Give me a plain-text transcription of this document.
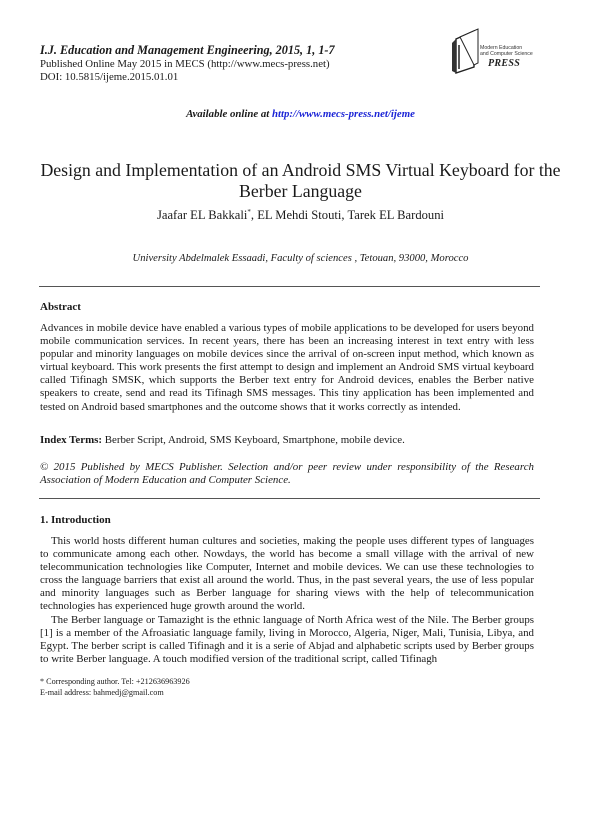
I.J. Education and Management Engineering, 2015, 1, 1-7
Published Online May 2015 in MECS (http://www.mecs-press.net)
DOI: 10.5815/ijeme.2015.01.01
Modern Education
and Computer Science
PRESS
Available online at http://www.mecs-press.net/ijeme
Design and Implementation of an Android SMS Virtual Keyboard for the Berber Language
Jaafar EL Bakkali*, EL Mehdi Stouti, Tarek EL Bardouni
University Abdelmalek Essaadi, Faculty of sciences , Tetouan, 93000, Morocco
Abstract
Advances in mobile device have enabled a various types of mobile applications to be developed for users beyond mobile communication services. In recent years, there has been an increasing interest in text entry with less popular and minority languages on mobile devices since the arrival of on-screen input method, which known as virtual keyboard. This work presents the first attempt to design and implement an Android SMS virtual keyboard called Tifinagh SMSK, which supports the Berber text entry for Android devices, enables the Berber native speakers to create, send and read its Tifinagh SMS messages. This tiny application has been implemented and tested on Android based smartphones and the outcome shows that it works correctly as intended.
Index Terms: Berber Script, Android, SMS Keyboard, Smartphone, mobile device.
© 2015 Published by MECS Publisher. Selection and/or peer review under responsibility of the Research Association of Modern Education and Computer Science.
1. Introduction

This world hosts different human cultures and societies, making the people uses different types of languages to communicate among each other. Nowdays, the world has become a small village with the arrival of new telecommunication technologies like Computer, Internet and mobile devices. We can use these technologies to cross the language barriers that exist all around the world. Thus, in the past several years, the use of less popular and minority languages such as Berber language for sharing views with the help of telecommunication technologies has experienced huge growth around the world.

The Berber language or Tamazight is the ethnic language of North Africa west of the Nile. The Berber groups [1] is a member of the Afroasiatic language family, living in Morocco, Algeria, Niger, Mali, Tunisia, Libya, and Egypt. The berber script is called Tifinagh and it is a serie of Abjad and alphabetic scripts used by Berber groups to write Berber language. A touch modified version of the traditional script, called Tifinagh

* Corresponding author. Tel: +212636963926
E-mail address: bahmedj@gmail.com
